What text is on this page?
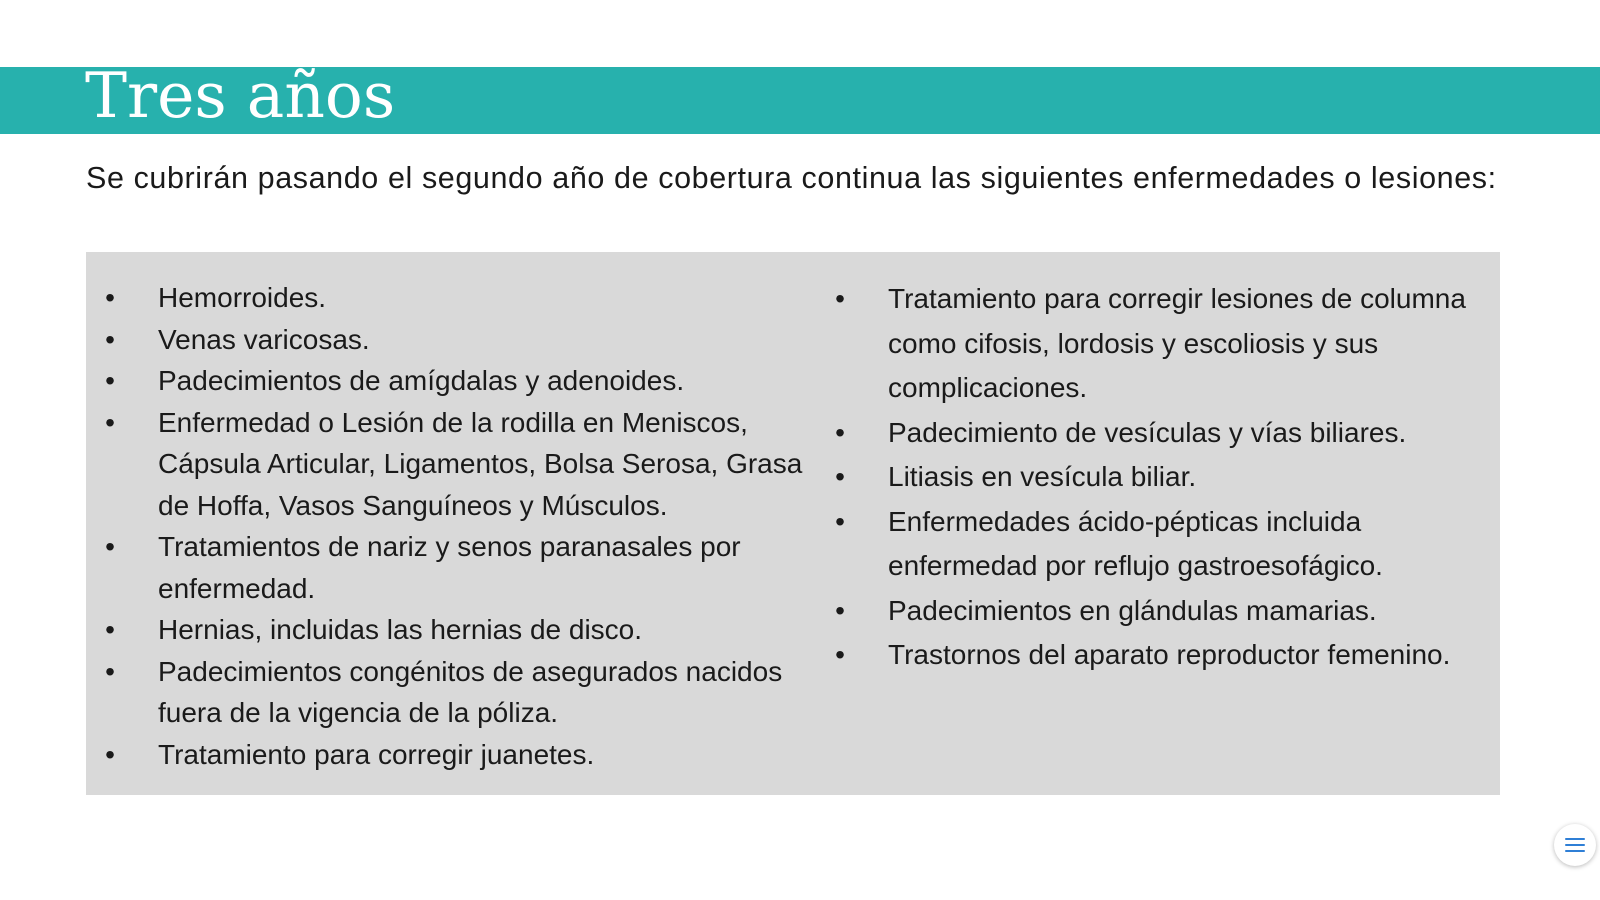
Tres años

Se cubrirán pasando el segundo año de cobertura continua las siguientes enfermedades o lesiones:

• Hemorroides.
• Venas varicosas.
• Padecimientos de amígdalas y adenoides.
• Enfermedad o Lesión de la rodilla en Meniscos, Cápsula Articular, Ligamentos, Bolsa Serosa, Grasa de Hoffa, Vasos Sanguíneos y Músculos.
• Tratamientos de nariz y senos paranasales por enfermedad.
• Hernias, incluidas las hernias de disco.
• Padecimientos congénitos de asegurados nacidos fuera de la vigencia de la póliza.
• Tratamiento para corregir juanetes.
• Tratamiento para corregir lesiones de columna como cifosis, lordosis y escoliosis y sus complicaciones.
• Padecimiento de vesículas y vías biliares.
• Litiasis en vesícula biliar.
• Enfermedades ácido-pépticas incluida enfermedad por reflujo gastroesofágico.
• Padecimientos en glándulas mamarias.
• Trastornos del aparato reproductor femenino.
